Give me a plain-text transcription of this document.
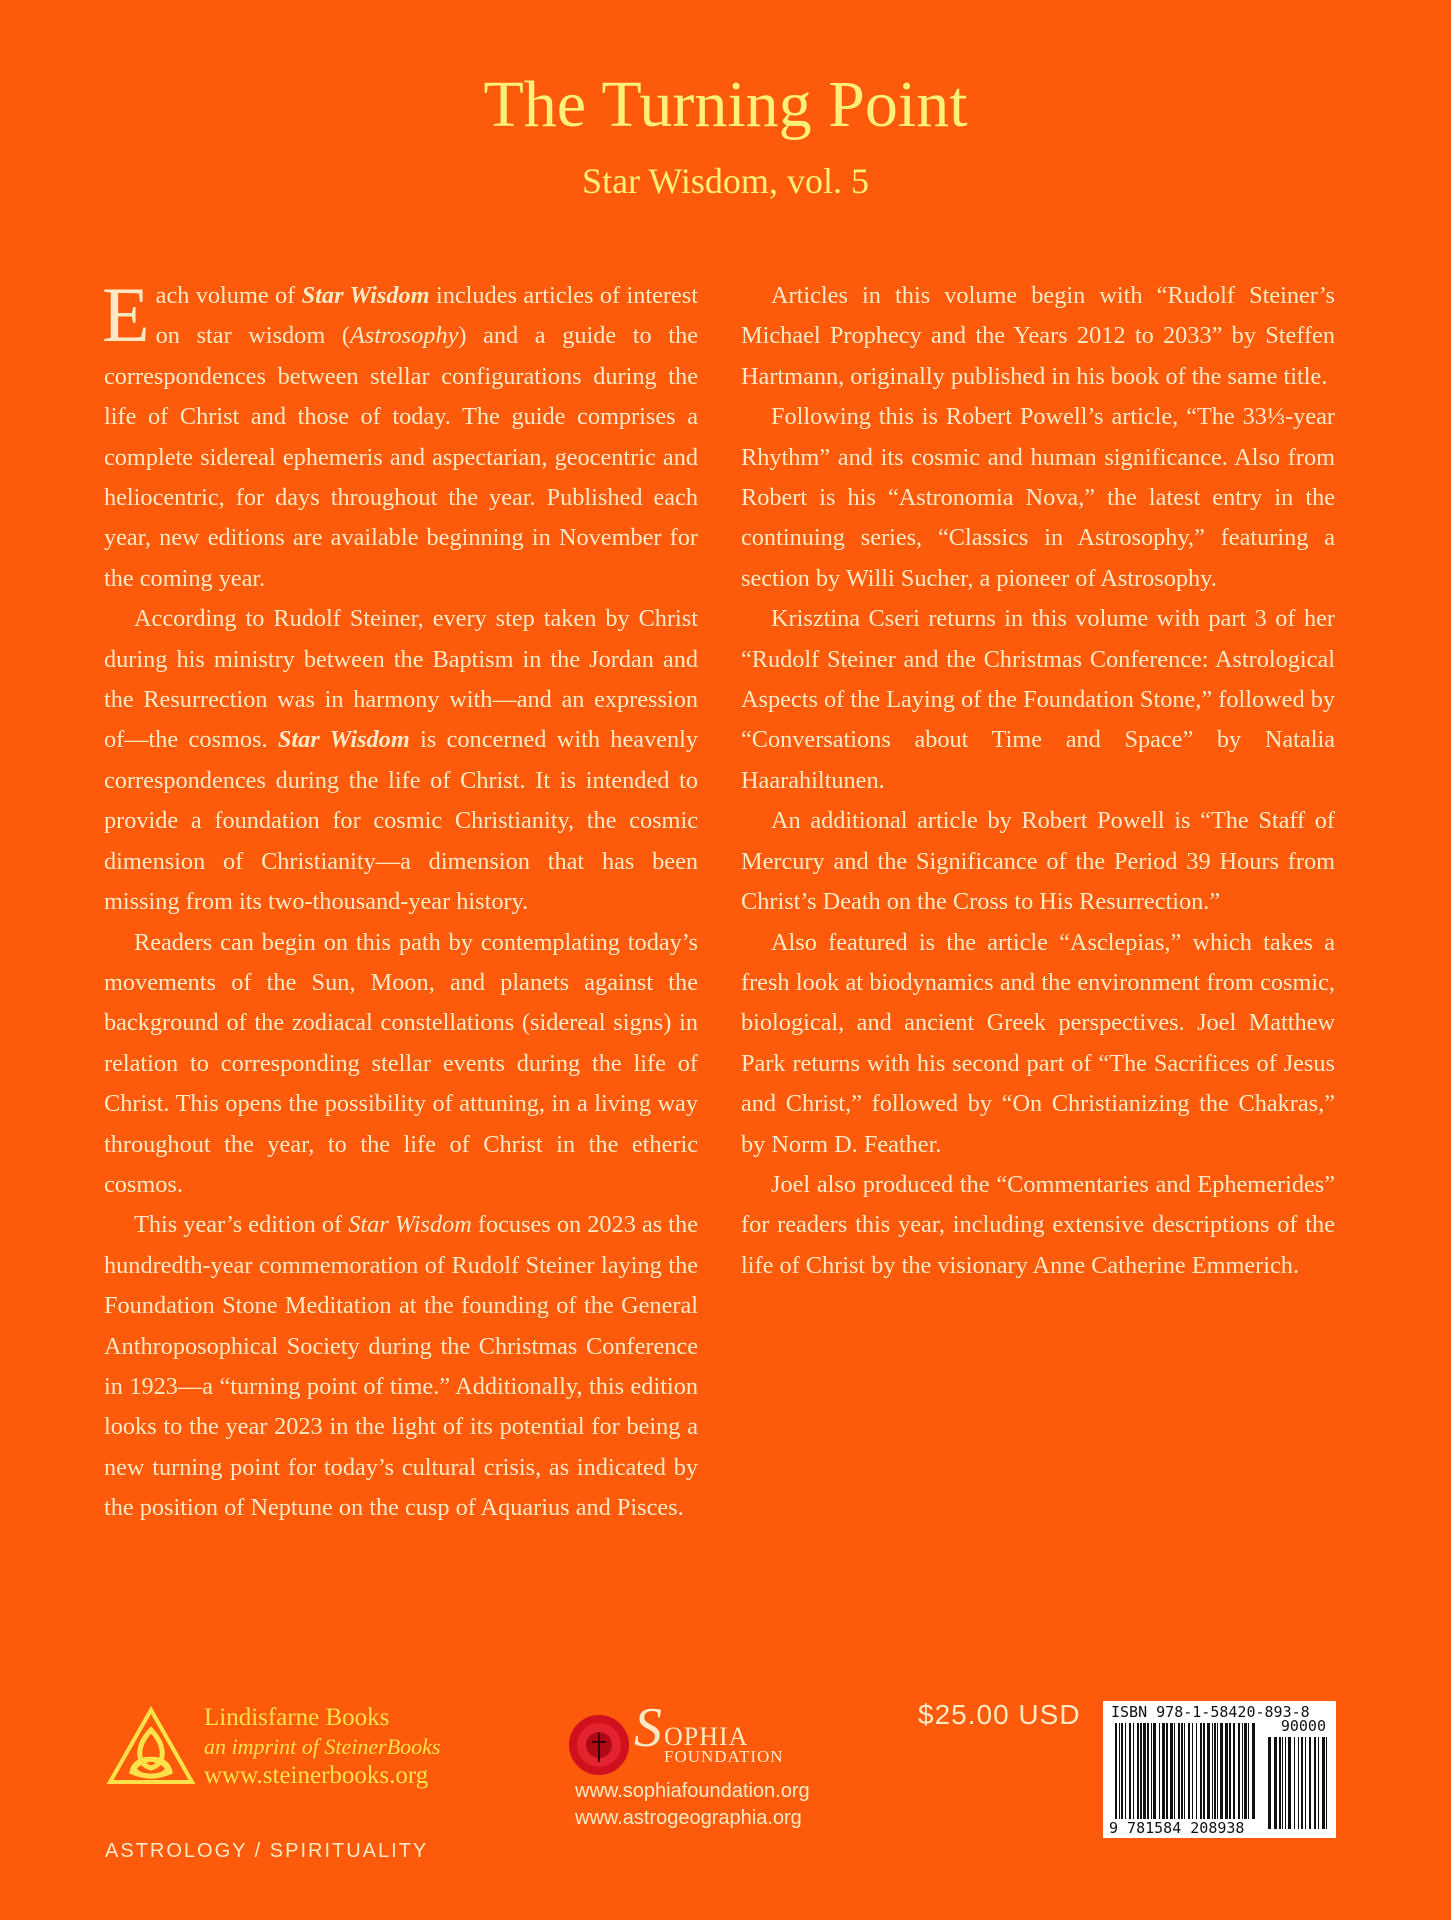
The Turning Point
Star Wisdom, vol. 5

Each volume of Star Wisdom includes articles of interest on star wisdom (Astrosophy) and a guide to the correspondences between stellar configurations during the life of Christ and those of today. The guide comprises a complete sidereal ephemeris and aspectarian, geocentric and heliocentric, for days throughout the year. Published each year, new editions are available beginning in November for the coming year.

According to Rudolf Steiner, every step taken by Christ during his ministry between the Baptism in the Jordan and the Resurrection was in harmony with—and an expression of—the cosmos. Star Wisdom is concerned with heavenly correspondences during the life of Christ. It is intended to provide a foundation for cosmic Christianity, the cosmic dimension of Christianity—a dimension that has been missing from its two-thousand-year history.

Readers can begin on this path by contemplating today’s movements of the Sun, Moon, and planets against the background of the zodiacal constellations (sidereal signs) in relation to corresponding stellar events during the life of Christ. This opens the possibility of attuning, in a living way throughout the year, to the life of Christ in the etheric cosmos.

This year’s edition of Star Wisdom focuses on 2023 as the hundredth-year commemoration of Rudolf Steiner laying the Foundation Stone Meditation at the founding of the General Anthroposophical Society during the Christmas Conference in 1923—a “turning point of time.” Additionally, this edition looks to the year 2023 in the light of its potential for being a new turning point for today’s cultural crisis, as indicated by the position of Neptune on the cusp of Aquarius and Pisces.

Articles in this volume begin with “Rudolf Steiner’s Michael Prophecy and the Years 2012 to 2033” by Steffen Hartmann, originally published in his book of the same title.

Following this is Robert Powell’s article, “The 33⅓-year Rhythm” and its cosmic and human significance. Also from Robert is his “Astronomia Nova,” the latest entry in the continuing series, “Classics in Astrosophy,” featuring a section by Willi Sucher, a pioneer of Astrosophy.

Krisztina Cseri returns in this volume with part 3 of her “Rudolf Steiner and the Christmas Conference: Astrological Aspects of the Laying of the Foundation Stone,” followed by “Conversations about Time and Space” by Natalia Haarahiltunen.

An additional article by Robert Powell is “The Staff of Mercury and the Significance of the Period 39 Hours from Christ’s Death on the Cross to His Resurrection.”

Also featured is the article “Asclepias,” which takes a fresh look at biodynamics and the environment from cosmic, biological, and ancient Greek perspectives. Joel Matthew Park returns with his second part of “The Sacrifices of Jesus and Christ,” followed by “On Christianizing the Chakras,” by Norm D. Feather.

Joel also produced the “Commentaries and Ephemerides” for readers this year, including extensive descriptions of the life of Christ by the visionary Anne Catherine Emmerich.

Lindisfarne Books
an imprint of SteinerBooks
www.steinerbooks.org
S OPHIA
FOUNDATION
www.sophiafoundation.org
www.astrogeographia.org
$25.00 USD ISBN 978-1-58420-893-8
90000
9 781584 208938
ASTROLOGY / SPIRITUALITY
